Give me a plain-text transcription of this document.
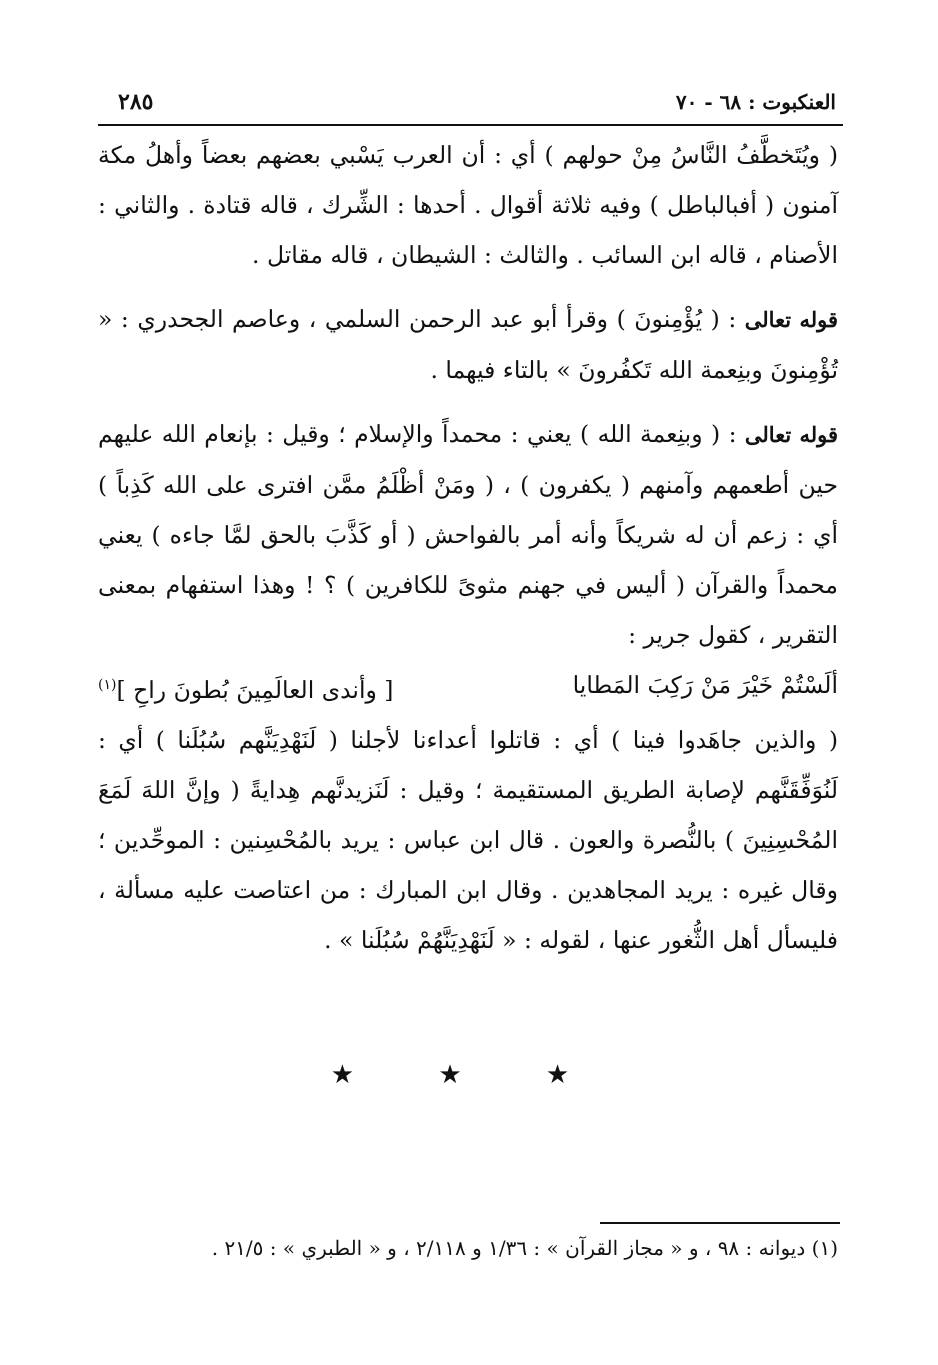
العنكبوت : ٦٨ - ٧٠
٢٨٥

( ويُتَخطَّفُ النَّاسُ مِنْ حولهم ) أي : أن العرب يَسْبي بعضهم بعضاً وأهلُ مكة آمنون ( أفبالباطل ) وفيه ثلاثة أقوال . أحدها : الشِّرك ، قاله قتادة . والثاني : الأصنام ، قاله ابن السائب . والثالث : الشيطان ، قاله مقاتل .

قوله تعالى : ( يُؤْمِنونَ ) وقرأ أبو عبد الرحمن السلمي ، وعاصم الجحدري : « تُؤْمِنونَ وبنِعمة الله تَكفُرونَ » بالتاء فيهما .

قوله تعالى : ( وبنِعمة الله ) يعني : محمداً والإسلام ؛ وقيل : بإنعام الله عليهم حين أطعمهم وآمنهم ( يكفرون ) ، ( ومَنْ أظْلَمُ ممَّن افترى على الله كَذِباً ) أي : زعم أن له شريكاً وأنه أمر بالفواحش ( أو كَذَّبَ بالحق لمَّا جاءه ) يعني محمداً والقرآن ( أليس في جهنم مثوىً للكافرين ) ؟ ! وهذا استفهام بمعنى التقرير ، كقول جرير :

ألَسْتُمْ خَيْرَ مَنْ رَكِبَ المَطايا
[ وأندى العالَمِينَ بُطونَ راحِ ]$^{(١)}$

( والذين جاهَدوا فينا ) أي : قاتلوا أعداءنا لأجلنا ( لَنَهْدِيَنَّهم سُبُلَنا ) أي : لَنُوَفِّقَنَّهم لإصابة الطريق المستقيمة ؛ وقيل : لَنَزيدنَّهم هِدايةً ( وإنَّ اللهَ لَمَعَ المُحْسِنِينَ ) بالنُّصرة والعون . قال ابن عباس : يريد بالمُحْسِنين : الموحِّدين ؛ وقال غيره : يريد المجاهدين . وقال ابن المبارك : من اعتاصت عليه مسألة ، فليسأل أهل الثُّغور عنها ، لقوله : « لَنَهْدِيَنَّهُمْ سُبُلَنا » .

★ ★ ★
(١) ديوانه : ٩٨ ، و « مجاز القرآن » : ١/٣٦ و ٢/١١٨ ، و « الطبري » : ٢١/٥ .
